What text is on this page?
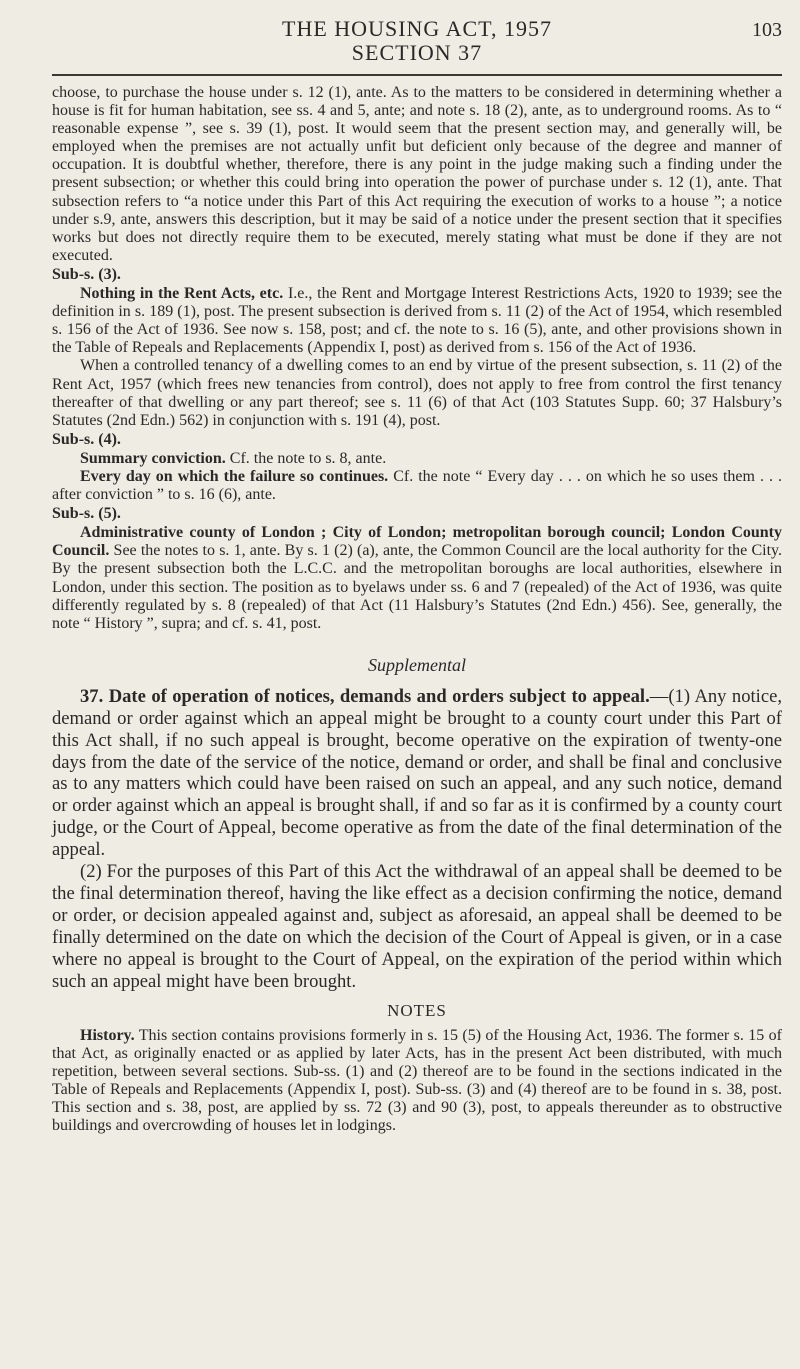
THE HOUSING ACT, 1957
SECTION 37
103

choose, to purchase the house under s. 12 (1), ante. As to the matters to be considered in determining whether a house is fit for human habitation, see ss. 4 and 5, ante; and note s. 18 (2), ante, as to underground rooms. As to “ reasonable expense ”, see s. 39 (1), post. It would seem that the present section may, and generally will, be employed when the premises are not actually unfit but deficient only because of the degree and manner of occupation. It is doubtful whether, therefore, there is any point in the judge making such a finding under the present subsection; or whether this could bring into operation the power of purchase under s. 12 (1), ante. That subsection refers to “a notice under this Part of this Act requiring the execution of works to a house ”; a notice under s.9, ante, answers this description, but it may be said of a notice under the present section that it specifies works but does not directly require them to be executed, merely stating what must be done if they are not executed.

Sub-s. (3).

Nothing in the Rent Acts, etc. I.e., the Rent and Mortgage Interest Restrictions Acts, 1920 to 1939; see the definition in s. 189 (1), post. The present subsection is derived from s. 11 (2) of the Act of 1954, which resembled s. 156 of the Act of 1936. See now s. 158, post; and cf. the note to s. 16 (5), ante, and other provisions shown in the Table of Repeals and Replacements (Appendix I, post) as derived from s. 156 of the Act of 1936.

When a controlled tenancy of a dwelling comes to an end by virtue of the present subsection, s. 11 (2) of the Rent Act, 1957 (which frees new tenancies from control), does not apply to free from control the first tenancy thereafter of that dwelling or any part thereof; see s. 11 (6) of that Act (103 Statutes Supp. 60; 37 Halsbury’s Statutes (2nd Edn.) 562) in conjunction with s. 191 (4), post.

Sub-s. (4).

Summary conviction. Cf. the note to s. 8, ante.

Every day on which the failure so continues. Cf. the note “ Every day . . . on which he so uses them . . . after conviction ” to s. 16 (6), ante.

Sub-s. (5).

Administrative county of London ; City of London; metropolitan borough council; London County Council. See the notes to s. 1, ante. By s. 1 (2) (a), ante, the Common Council are the local authority for the City. By the present subsection both the L.C.C. and the metropolitan boroughs are local authorities, elsewhere in London, under this section. The position as to byelaws under ss. 6 and 7 (repealed) of the Act of 1936, was quite differently regulated by s. 8 (repealed) of that Act (11 Halsbury’s Statutes (2nd Edn.) 456). See, generally, the note “ History ”, supra; and cf. s. 41, post.

Supplemental

37. Date of operation of notices, demands and orders subject to appeal.—(1) Any notice, demand or order against which an appeal might be brought to a county court under this Part of this Act shall, if no such appeal is brought, become operative on the expiration of twenty-one days from the date of the service of the notice, demand or order, and shall be final and conclusive as to any matters which could have been raised on such an appeal, and any such notice, demand or order against which an appeal is brought shall, if and so far as it is confirmed by a county court judge, or the Court of Appeal, become operative as from the date of the final determination of the appeal.

(2) For the purposes of this Part of this Act the withdrawal of an appeal shall be deemed to be the final determination thereof, having the like effect as a decision confirming the notice, demand or order, or decision appealed against and, subject as aforesaid, an appeal shall be deemed to be finally determined on the date on which the decision of the Court of Appeal is given, or in a case where no appeal is brought to the Court of Appeal, on the expiration of the period within which such an appeal might have been brought.

NOTES

History. This section contains provisions formerly in s. 15 (5) of the Housing Act, 1936. The former s. 15 of that Act, as originally enacted or as applied by later Acts, has in the present Act been distributed, with much repetition, between several sections. Sub-ss. (1) and (2) thereof are to be found in the sections indicated in the Table of Repeals and Replacements (Appendix I, post). Sub-ss. (3) and (4) thereof are to be found in s. 38, post. This section and s. 38, post, are applied by ss. 72 (3) and 90 (3), post, to appeals thereunder as to obstructive buildings and overcrowding of houses let in lodgings.
